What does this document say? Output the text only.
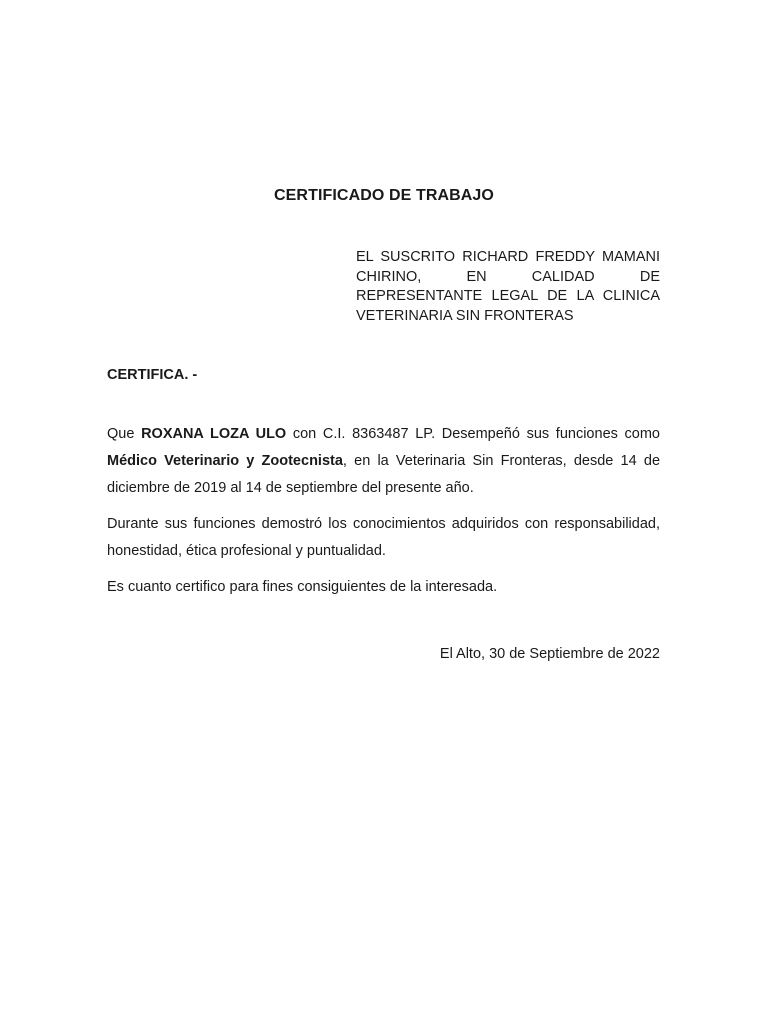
CERTIFICADO DE TRABAJO
EL SUSCRITO RICHARD FREDDY MAMANI CHIRINO, EN CALIDAD DE REPRESENTANTE LEGAL DE LA CLINICA VETERINARIA SIN FRONTERAS
CERTIFICA. -

Que ROXANA LOZA ULO con C.I. 8363487 LP. Desempeñó sus funciones como Médico Veterinario y Zootecnista, en la Veterinaria Sin Fronteras, desde 14 de diciembre de 2019 al 14 de septiembre del presente año.

Durante sus funciones demostró los conocimientos adquiridos con responsabilidad, honestidad, ética profesional y puntualidad.

Es cuanto certifico para fines consiguientes de la interesada.

El Alto, 30 de Septiembre de 2022
